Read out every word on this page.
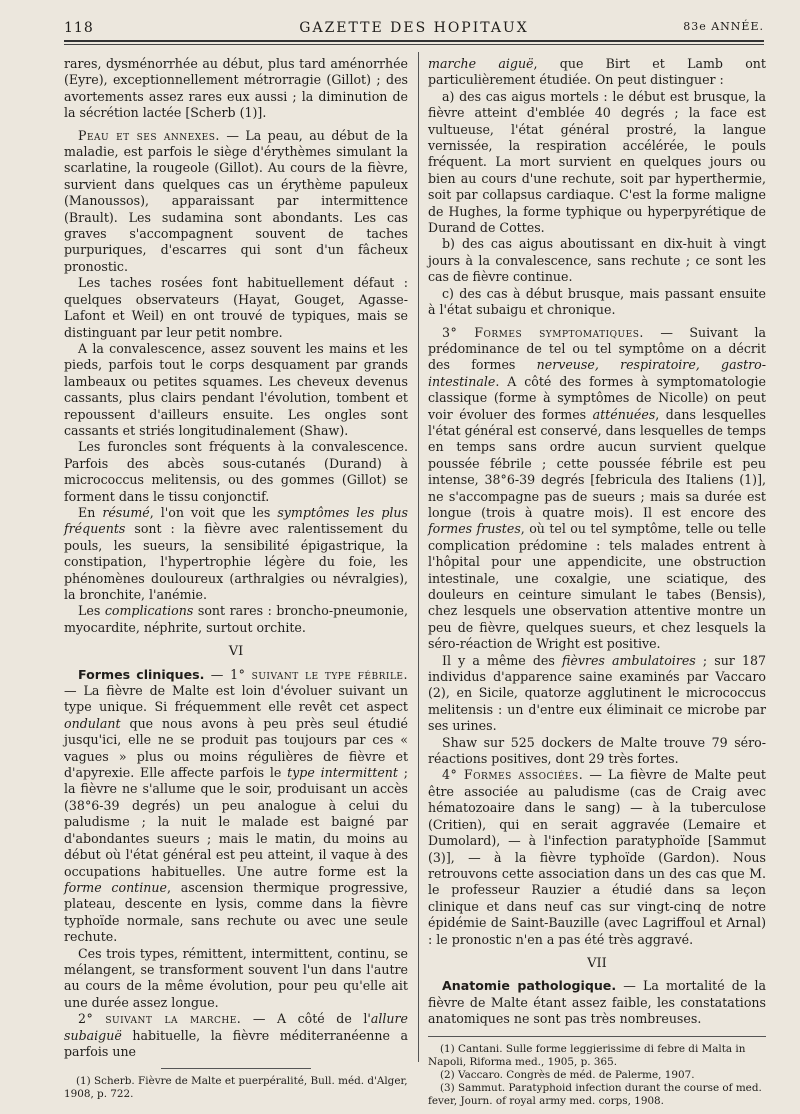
118	GAZETTE DES HOPITAUX	83e ANNÉE.

rares, dysménorrhée au début, plus tard aménorrhée (Eyre), exceptionnellement métrorragie (Gillot) ; des avortements assez rares eux aussi ; la diminution de la sécrétion lactée [Scherb (1)].

Peau et ses annexes. — La peau, au début de la maladie, est parfois le siège d'érythèmes simulant la scarlatine, la rougeole (Gillot). Au cours de la fièvre, survient dans quelques cas un érythème papuleux (Manoussos), apparaissant par intermittence (Brault). Les sudamina sont abondants. Les cas graves s'accompagnent souvent de taches purpuriques, d'escarres qui sont d'un fâcheux pronostic.

Les taches rosées font habituellement défaut : quelques observateurs (Hayat, Gouget, Agasse-Lafont et Weil) en ont trouvé de typiques, mais se distinguant par leur petit nombre.

A la convalescence, assez souvent les mains et les pieds, parfois tout le corps desquament par grands lambeaux ou petites squames. Les cheveux devenus cassants, plus clairs pendant l'évolution, tombent et repoussent d'ailleurs ensuite. Les ongles sont cassants et striés longitudinalement (Shaw).

Les furoncles sont fréquents à la convalescence. Parfois des abcès sous-cutanés (Durand) à micrococcus melitensis, ou des gommes (Gillot) se forment dans le tissu conjonctif.

En résumé, l'on voit que les symptômes les plus fréquents sont : la fièvre avec ralentissement du pouls, les sueurs, la sensibilité épigastrique, la constipation, l'hypertrophie légère du foie, les phénomènes douloureux (arthralgies ou névralgies), la bronchite, l'anémie.

Les complications sont rares : broncho-pneumonie, myocardite, néphrite, surtout orchite.

VI

Formes cliniques. — 1° suivant le type fébrile. — La fièvre de Malte est loin d'évoluer suivant un type unique. Si fréquemment elle revêt cet aspect ondulant que nous avons à peu près seul étudié jusqu'ici, elle ne se produit pas toujours par ces « vagues » plus ou moins régulières de fièvre et d'apyrexie. Elle affecte parfois le type intermittent ; la fièvre ne s'allume que le soir, produisant un accès (38°6-39 degrés) un peu analogue à celui du paludisme ; la nuit le malade est baigné par d'abondantes sueurs ; mais le matin, du moins au début où l'état général est peu atteint, il vaque à des occupations habituelles. Une autre forme est la forme continue, ascension thermique progressive, plateau, descente en lysis, comme dans la fièvre typhoïde normale, sans rechute ou avec une seule rechute.

Ces trois types, rémittent, intermittent, continu, se mélangent, se transforment souvent l'un dans l'autre au cours de la même évolution, pour peu qu'elle ait une durée assez longue.

2° suivant la marche. — A côté de l'allure subaiguë habituelle, la fièvre méditerranéenne a parfois une

(1) Scherb. Fièvre de Malte et puerpéralité, Bull. méd. d'Alger, 1908, p. 722.

marche aiguë, que Birt et Lamb ont particulièrement étudiée. On peut distinguer :

a) des cas aigus mortels : le début est brusque, la fièvre atteint d'emblée 40 degrés ; la face est vultueuse, l'état général prostré, la langue vernissée, la respiration accélérée, le pouls fréquent. La mort survient en quelques jours ou bien au cours d'une rechute, soit par hyperthermie, soit par collapsus cardiaque. C'est la forme maligne de Hughes, la forme typhique ou hyperpyrétique de Durand de Cottes.

b) des cas aigus aboutissant en dix-huit à vingt jours à la convalescence, sans rechute ; ce sont les cas de fièvre continue.

c) des cas à début brusque, mais passant ensuite à l'état subaigu et chronique.

3° Formes symptomatiques. — Suivant la prédominance de tel ou tel symptôme on a décrit des formes nerveuse, respiratoire, gastro-intestinale. A côté des formes à symptomatologie classique (forme à symptômes de Nicolle) on peut voir évoluer des formes atténuées, dans lesquelles l'état général est conservé, dans lesquelles de temps en temps sans ordre aucun survient quelque poussée fébrile ; cette poussée fébrile est peu intense, 38°6-39 degrés [febricula des Italiens (1)], ne s'accompagne pas de sueurs ; mais sa durée est longue (trois à quatre mois). Il est encore des formes frustes, où tel ou tel symptôme, telle ou telle complication prédomine : tels malades entrent à l'hôpital pour une appendicite, une obstruction intestinale, une coxalgie, une sciatique, des douleurs en ceinture simulant le tabes (Bensis), chez lesquels une observation attentive montre un peu de fièvre, quelques sueurs, et chez lesquels la séro-réaction de Wright est positive.

Il y a même des fièvres ambulatoires ; sur 187 individus d'apparence saine examinés par Vaccaro (2), en Sicile, quatorze agglutinent le micrococcus melitensis : un d'entre eux éliminait ce microbe par ses urines.

Shaw sur 525 dockers de Malte trouve 79 séro-réactions positives, dont 29 très fortes.

4° Formes associées. — La fièvre de Malte peut être associée au paludisme (cas de Craig avec hématozoaire dans le sang) — à la tuberculose (Critien), qui en serait aggravée (Lemaire et Dumolard), — à l'infection paratyphoïde [Sammut (3)], — à la fièvre typhoïde (Gardon). Nous retrouvons cette association dans un des cas que M. le professeur Rauzier a étudié dans sa leçon clinique et dans neuf cas sur vingt-cinq de notre épidémie de Saint-Bauzille (avec Lagriffoul et Arnal) : le pronostic n'en a pas été très aggravé.

VII

Anatomie pathologique. — La mortalité de la fièvre de Malte étant assez faible, les constatations anatomiques ne sont pas très nombreuses.

(1) Cantani. Sulle forme leggierissime di febre di Malta in Napoli, Riforma med., 1905, p. 365.

(2) Vaccaro. Congrès de méd. de Palerme, 1907.

(3) Sammut. Paratyphoid infection durant the course of med. fever, Journ. of royal army med. corps, 1908.
